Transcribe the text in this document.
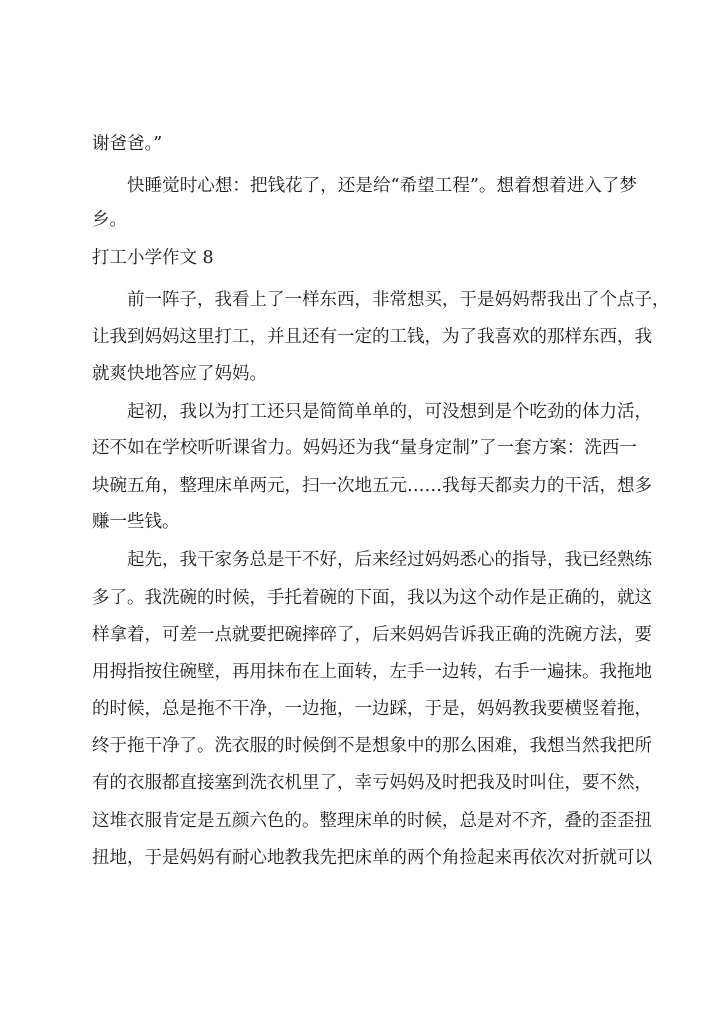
谢爸爸。”
快睡觉时心想：把钱花了，还是给“希望工程”。想着想着进入了梦
乡。
打工小学作文 8
前一阵子，我看上了一样东西，非常想买，于是妈妈帮我出了个点子，
让我到妈妈这里打工，并且还有一定的工钱，为了我喜欢的那样东西，我
就爽快地答应了妈妈。
起初，我以为打工还只是简简单单的，可没想到是个吃劲的体力活，
还不如在学校听听课省力。妈妈还为我“量身定制”了一套方案：洗西一
块碗五角，整理床单两元，扫一次地五元……我每天都卖力的干活，想多
赚一些钱。
起先，我干家务总是干不好，后来经过妈妈悉心的指导，我已经熟练
多了。我洗碗的时候，手托着碗的下面，我以为这个动作是正确的，就这
样拿着，可差一点就要把碗摔碎了，后来妈妈告诉我正确的洗碗方法，要
用拇指按住碗壁，再用抹布在上面转，左手一边转，右手一遍抹。我拖地
的时候，总是拖不干净，一边拖，一边踩，于是，妈妈教我要横竖着拖，
终于拖干净了。洗衣服的时候倒不是想象中的那么困难，我想当然我把所
有的衣服都直接塞到洗衣机里了，幸亏妈妈及时把我及时叫住，要不然，
这堆衣服肯定是五颜六色的。整理床单的时候，总是对不齐，叠的歪歪扭
扭地，于是妈妈有耐心地教我先把床单的两个角捡起来再依次对折就可以
